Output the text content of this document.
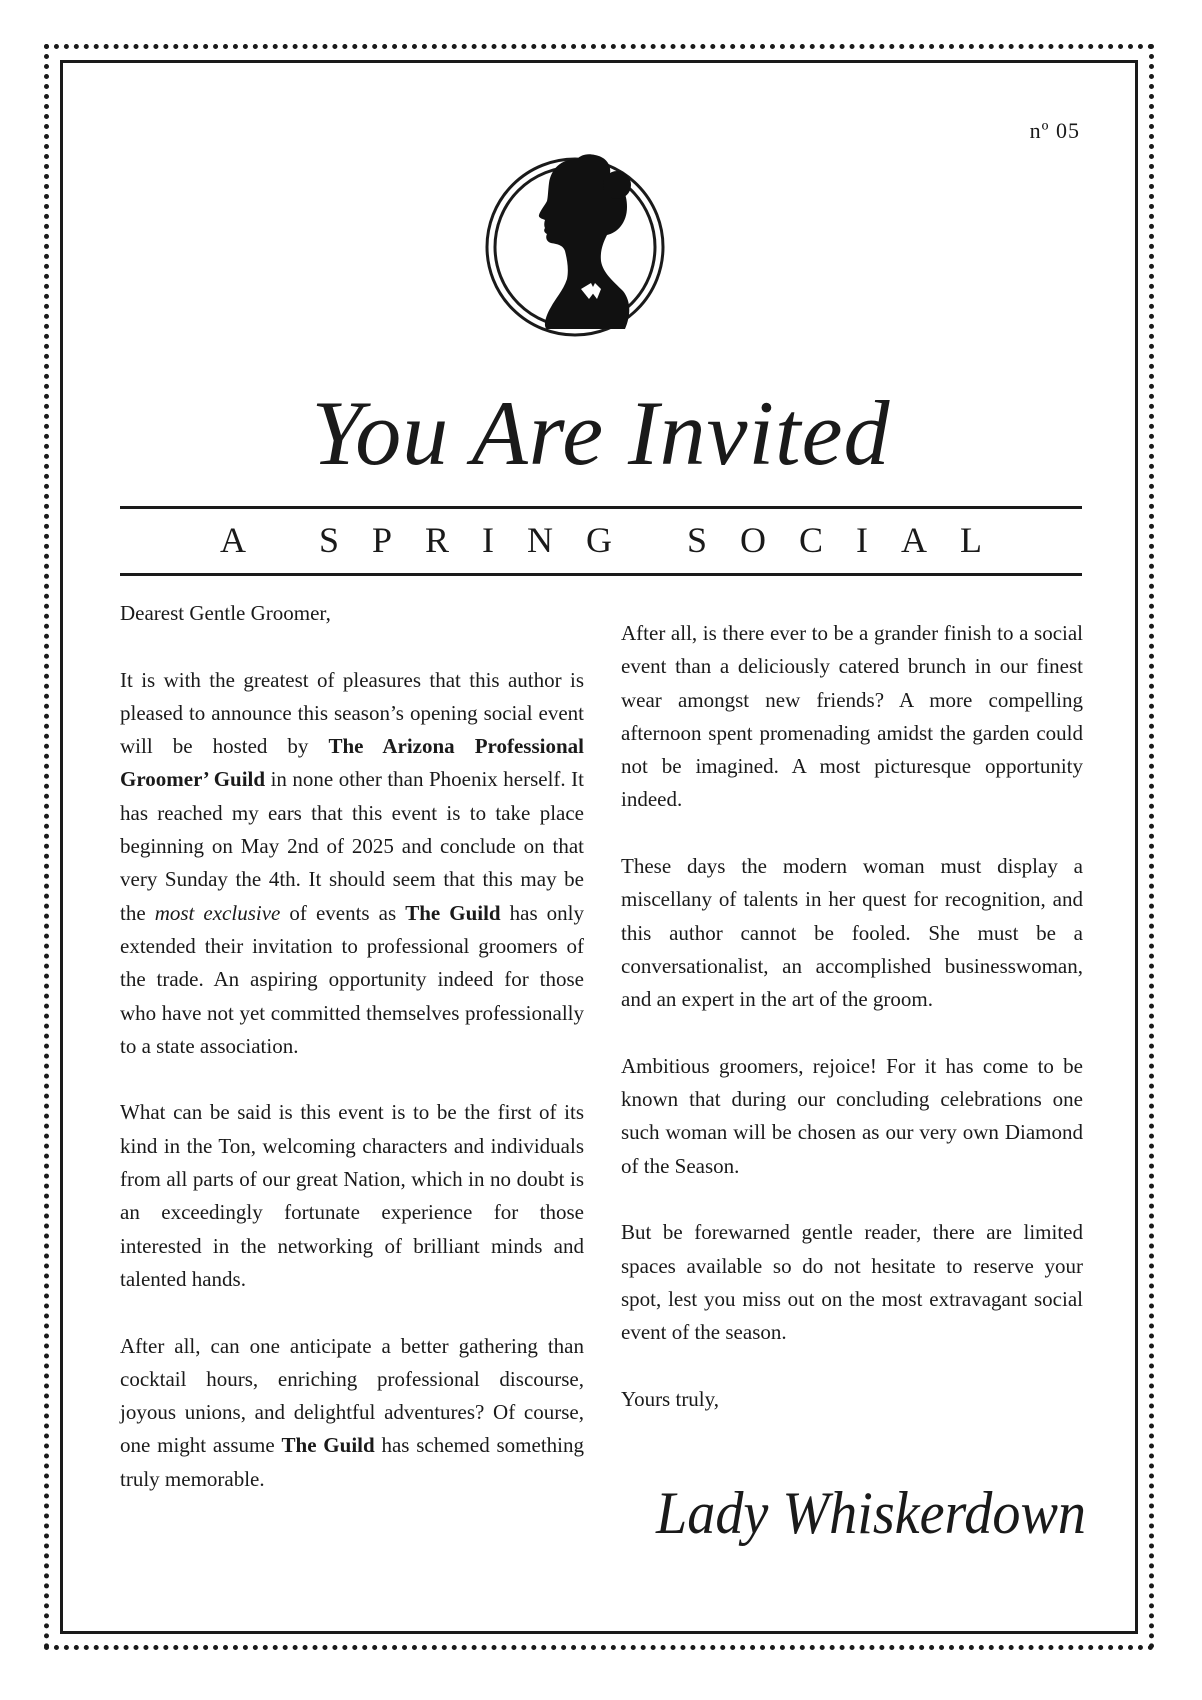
nº 05
You Are Invited
A SPRING SOCIAL

Dearest Gentle Groomer,

It is with the greatest of pleasures that this author is pleased to announce this season’s opening social event will be hosted by The Arizona Professional Groomer’ Guild in none other than Phoenix herself. It has reached my ears that this event is to take place beginning on May 2nd of 2025 and conclude on that very Sunday the 4th. It should seem that this may be the most exclusive of events as The Guild has only extended their invitation to professional groomers of the trade. An aspiring opportunity indeed for those who have not yet committed themselves professionally to a state association.

What can be said is this event is to be the first of its kind in the Ton, welcoming characters and individuals from all parts of our great Nation, which in no doubt is an exceedingly fortunate experience for those interested in the networking of brilliant minds and talented hands.

After all, can one anticipate a better gathering than cocktail hours, enriching professional discourse, joyous unions, and delightful adventures? Of course, one might assume The Guild has schemed something truly memorable.

After all, is there ever to be a grander finish to a social event than a deliciously catered brunch in our finest wear amongst new friends? A more compelling afternoon spent promenading amidst the garden could not be imagined. A most picturesque opportunity indeed.

These days the modern woman must display a miscellany of talents in her quest for recognition, and this author cannot be fooled. She must be a conversationalist, an accomplished businesswoman, and an expert in the art of the groom.

Ambitious groomers, rejoice! For it has come to be known that during our concluding celebrations one such woman will be chosen as our very own Diamond of the Season.

But be forewarned gentle reader, there are limited spaces available so do not hesitate to reserve your spot, lest you miss out on the most extravagant social event of the season.

Yours truly,

Lady Whiskerdown
